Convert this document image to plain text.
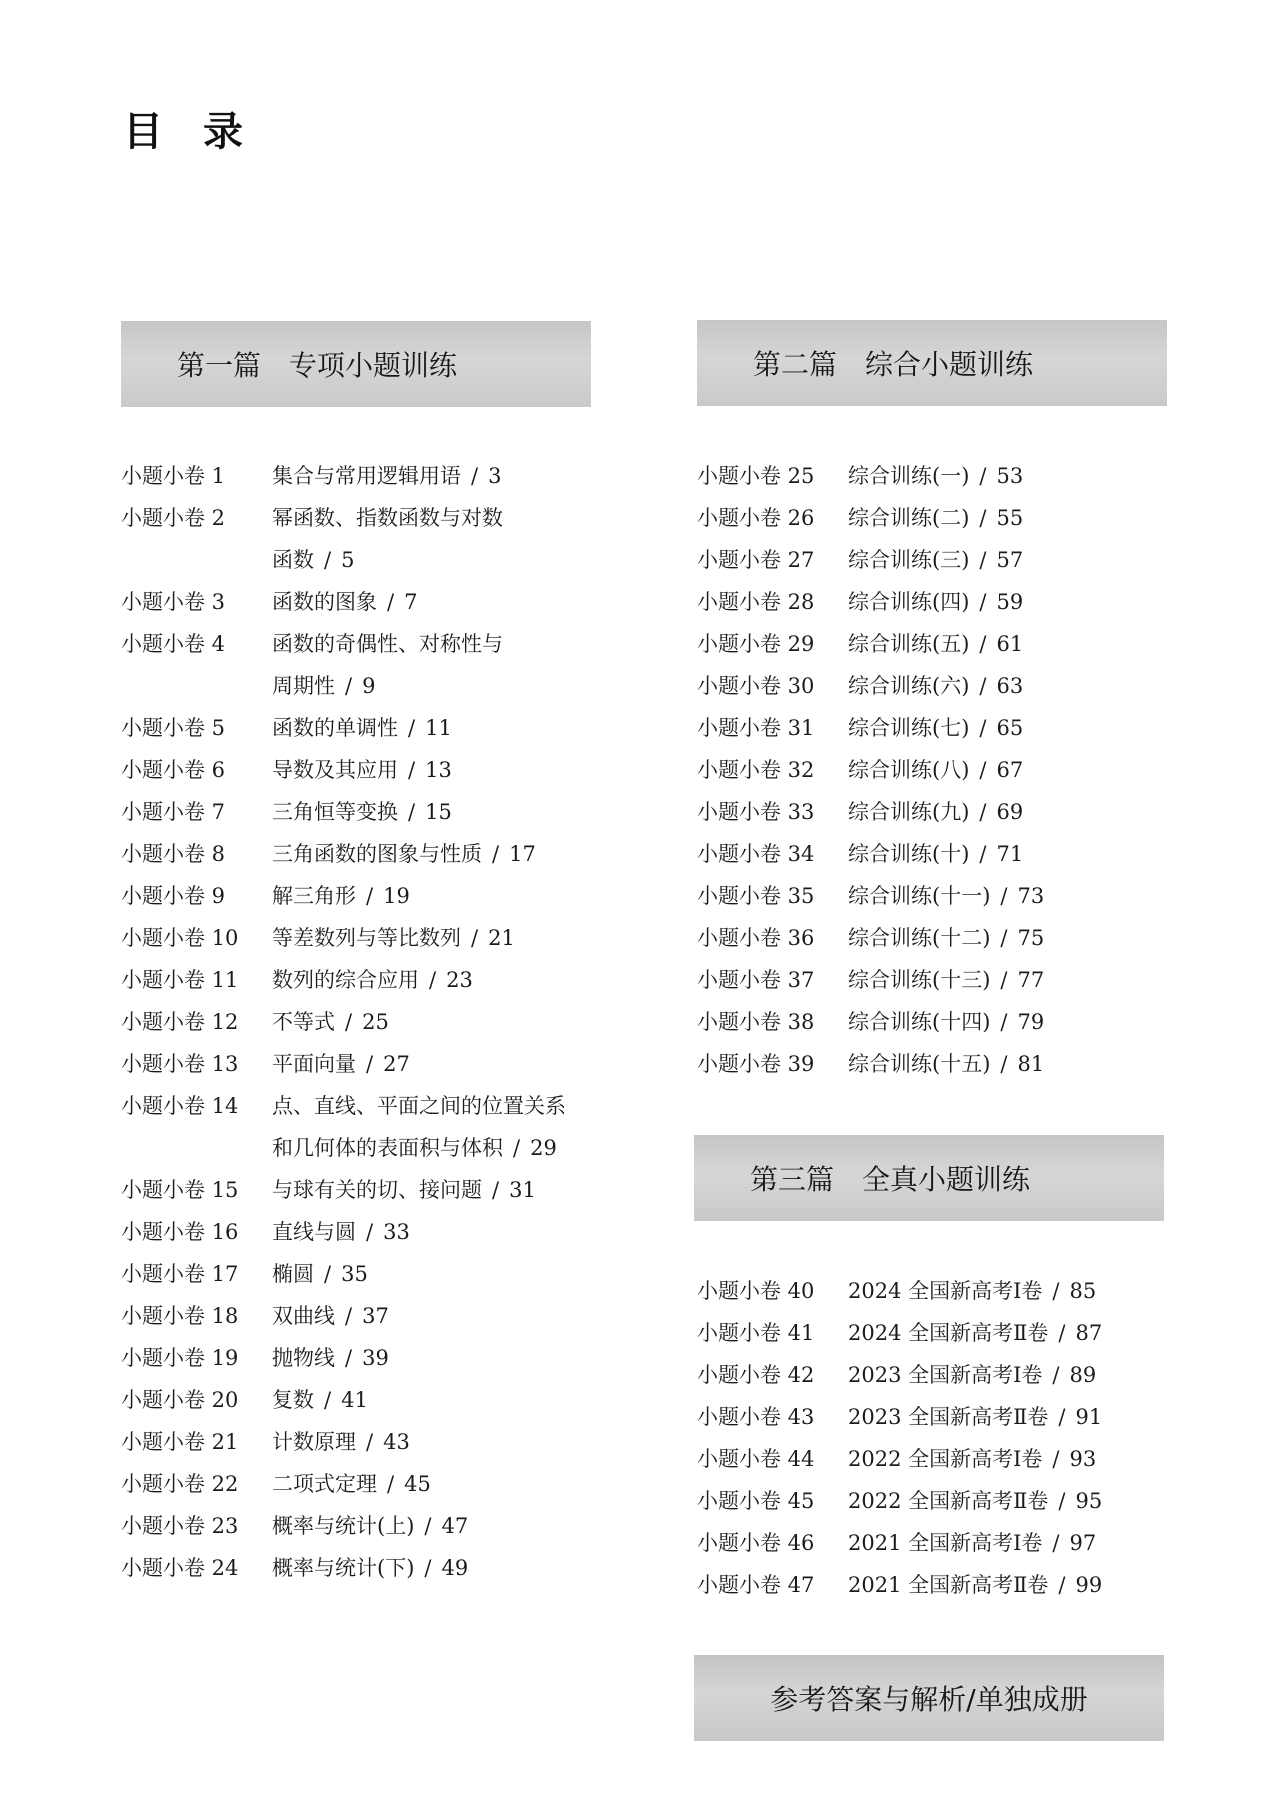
目　录
第一篇　专项小题训练	第二篇　综合小题训练
第三篇　全真小题训练
参考答案与解析/单独成册
小题小卷 1	集合与常用逻辑用语 / 3
小题小卷 2	幂函数、指数函数与对数
函数 / 5
小题小卷 3	函数的图象 / 7
小题小卷 4	函数的奇偶性、对称性与
周期性 / 9
小题小卷 5	函数的单调性 / 11
小题小卷 6	导数及其应用 / 13
小题小卷 7	三角恒等变换 / 15
小题小卷 8	三角函数的图象与性质 / 17
小题小卷 9	解三角形 / 19
小题小卷 10	等差数列与等比数列 / 21
小题小卷 11	数列的综合应用 / 23
小题小卷 12	不等式 / 25
小题小卷 13	平面向量 / 27
小题小卷 14	点、直线、平面之间的位置关系
和几何体的表面积与体积 / 29
小题小卷 15	与球有关的切、接问题 / 31
小题小卷 16	直线与圆 / 33
小题小卷 17	椭圆 / 35
小题小卷 18	双曲线 / 37
小题小卷 19	抛物线 / 39
小题小卷 20	复数 / 41
小题小卷 21	计数原理 / 43
小题小卷 22	二项式定理 / 45
小题小卷 23	概率与统计(上) / 47
小题小卷 24	概率与统计(下) / 49
小题小卷 25	综合训练(一) / 53
小题小卷 26	综合训练(二) / 55
小题小卷 27	综合训练(三) / 57
小题小卷 28	综合训练(四) / 59
小题小卷 29	综合训练(五) / 61
小题小卷 30	综合训练(六) / 63
小题小卷 31	综合训练(七) / 65
小题小卷 32	综合训练(八) / 67
小题小卷 33	综合训练(九) / 69
小题小卷 34	综合训练(十) / 71
小题小卷 35	综合训练(十一) / 73
小题小卷 36	综合训练(十二) / 75
小题小卷 37	综合训练(十三) / 77
小题小卷 38	综合训练(十四) / 79
小题小卷 39	综合训练(十五) / 81
小题小卷 40	2024 全国新高考Ⅰ卷 / 85
小题小卷 41	2024 全国新高考Ⅱ卷 / 87
小题小卷 42	2023 全国新高考Ⅰ卷 / 89
小题小卷 43	2023 全国新高考Ⅱ卷 / 91
小题小卷 44	2022 全国新高考Ⅰ卷 / 93
小题小卷 45	2022 全国新高考Ⅱ卷 / 95
小题小卷 46	2021 全国新高考Ⅰ卷 / 97
小题小卷 47	2021 全国新高考Ⅱ卷 / 99
